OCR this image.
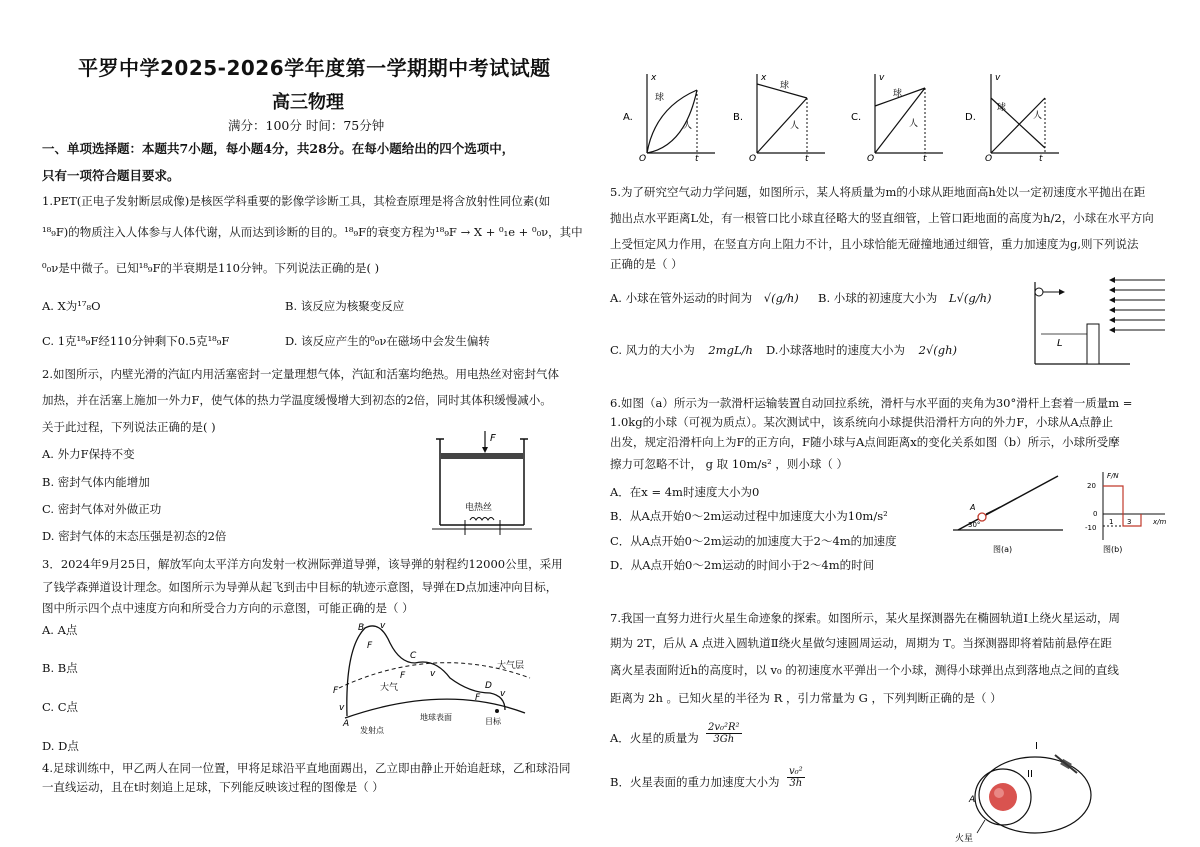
平罗中学2025-2026学年度第一学期期中考试试题
高三物理
满分：100分 时间：75分钟
一、单项选择题：本题共7小题，每小题4分，共28分。在每小题给出的四个选项中，
只有一项符合题目要求。
1.PET(正电子发射断层成像)是核医学科重要的影像学诊断工具，其检查原理是将含放射性同位素(如
¹⁸₉F)的物质注入人体参与人体代谢，从而达到诊断的目的。¹⁸₉F的衰变方程为¹⁸₉F → X + ⁰₁e + ⁰₀ν，其中
⁰₀ν是中微子。已知¹⁸₉F的半衰期是110分钟。下列说法正确的是( )
A. X为¹⁷₈O	B. 该反应为核聚变反应
C. 1克¹⁸₉F经110分钟剩下0.5克¹⁸₉F	D. 该反应产生的⁰₀ν在磁场中会发生偏转
2.如图所示，内壁光滑的汽缸内用活塞密封一定量理想气体，汽缸和活塞均绝热。用电热丝对密封气体
加热，并在活塞上施加一外力F，使气体的热力学温度缓慢增大到初态的2倍，同时其体积缓慢减小。
关于此过程，下列说法正确的是( )
A. 外力F保持不变
B. 密封气体内能增加
C. 密封气体对外做正功
D. 密封气体的末态压强是初态的2倍
F
电热丝
3．2024年9月25日，解放军向太平洋方向发射一枚洲际弹道导弹，该导弹的射程约12000公里，采用
了钱学森弹道设计理念。如图所示为导弹从起飞到击中目标的轨迹示意图，导弹在D点加速冲向目标，
图中所示四个点中速度方向和所受合力方向的示意图，可能正确的是（ ）
A. A点
B. B点
C. C点
D. D点
B v
F
C
F	v
D
F v
F
v
A
大气层
大气
发射点
地球表面	目标
4.足球训练中，甲乙两人在同一位置，甲将足球沿平直地面踢出，乙立即由静止开始追赶球，乙和球沿同
一直线运动，且在t时刻追上足球，下列能反映该过程的图像是（ ）
A.
x
O	t
球
人
B.
x
O	t
球
人
C.
v
O	t
球
人
D.
v
O	t
球
人
5.为了研究空气动力学问题，如图所示，某人将质量为m的小球从距地面高h处以一定初速度水平抛出在距
抛出点水平距离L处，有一根管口比小球直径略大的竖直细管，上管口距地面的高度为h/2，小球在水平方向
上受恒定风力作用，在竖直方向上阻力不计，且小球恰能无碰撞地通过细管，重力加速度为g,则下列说法
正确的是（ ）
A. 小球在管外运动的时间为 √(g/h) B. 小球的初速度大小为 L√(g/h)
C. 风力的大小为 2mgL/h D.小球落地时的速度大小为 2√(gh)	L
6.如图（a）所示为一款滑杆运输装置自动回拉系统，滑杆与水平面的夹角为30°滑杆上套着一质量m =
1.0kg的小球（可视为质点）。某次测试中，该系统向小球提供沿滑杆方向的外力F，小球从A点静止
出发，规定沿滑杆向上为F的正方向，F随小球与A点间距离x的变化关系如图（b）所示，小球所受摩
擦力可忽略不计， g 取 10m/s² ，则小球（ ）
A．在x = 4m时速度大小为0
B．从A点开始0～2m运动过程中加速度大小为10m/s²
C．从A点开始0～2m运动的加速度大于2～4m的加速度
D．从A点开始0～2m运动的时间小于2～4m的时间
A
30°
图(a)
F/N
x/m
20
0
-10
1 3
图(b)
7.我国一直努力进行火星生命迹象的探索。如图所示，某火星探测器先在椭圆轨道Ⅰ上绕火星运动，周
期为 2T，后从 A 点进入圆轨道Ⅱ绕火星做匀速圆周运动，周期为 T。当探测器即将着陆前悬停在距
离火星表面附近h的高度时，以 v₀ 的初速度水平弹出一个小球，测得小球弹出点到落地点之间的直线
距离为 2h 。已知火星的半径为 R ，引力常量为 G ，下列判断正确的是（ ）
A．火星的质量为 $\frac{\text{2v₀²R²}}{3Gh}$
B．火星表面的重力加速度大小为 $\frac{\text{v₀²}}{3h}$
I
II
A
火星
